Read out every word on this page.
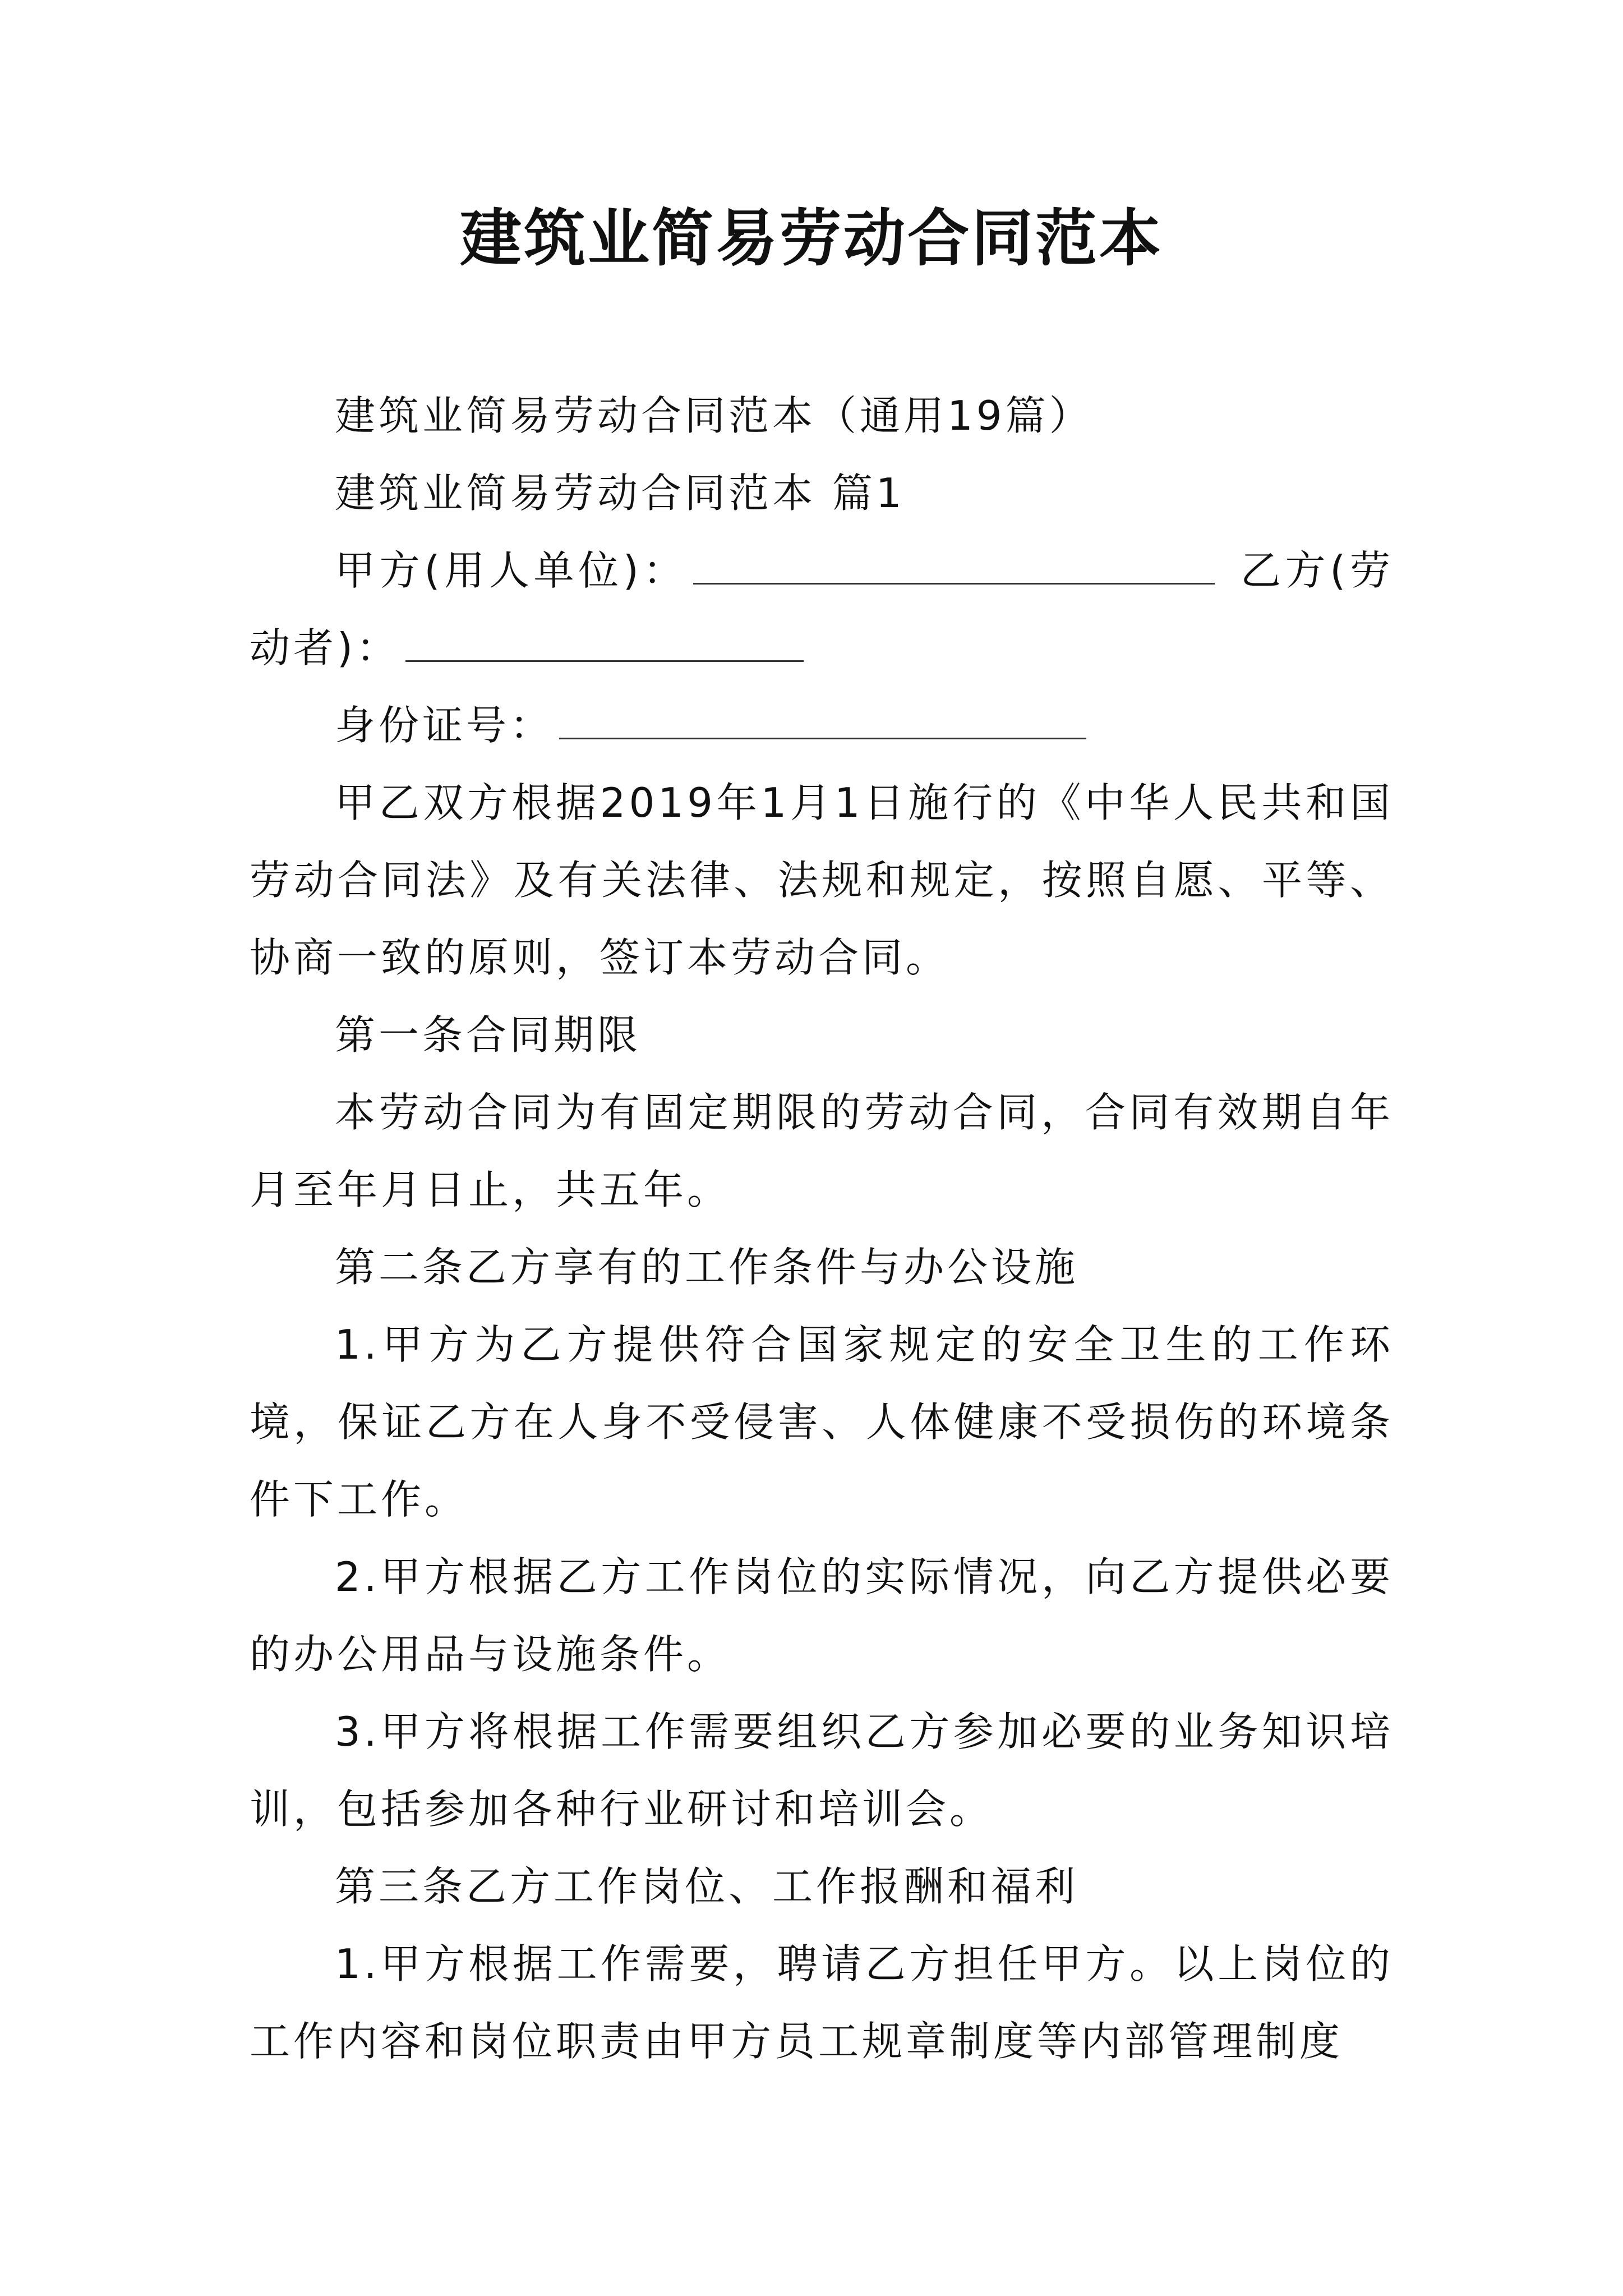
建筑业简易劳动合同范本

建筑业简易劳动合同范本（通用19篇）

建筑业简易劳动合同范本 篇1

甲方(用人单位)：	乙方(劳动者)：

身份证号：

甲乙双方根据2019年1月1日施行的《中华人民共和国劳动合同法》及有关法律、法规和规定，按照自愿、平等、协商一致的原则，签订本劳动合同。

第一条合同期限

本劳动合同为有固定期限的劳动合同，合同有效期自年月至年月日止，共五年。

第二条乙方享有的工作条件与办公设施

1.甲方为乙方提供符合国家规定的安全卫生的工作环境，保证乙方在人身不受侵害、人体健康不受损伤的环境条件下工作。

2.甲方根据乙方工作岗位的实际情况，向乙方提供必要的办公用品与设施条件。

3.甲方将根据工作需要组织乙方参加必要的业务知识培训，包括参加各种行业研讨和培训会。

第三条乙方工作岗位、工作报酬和福利

1.甲方根据工作需要，聘请乙方担任甲方。以上岗位的工作内容和岗位职责由甲方员工规章制度等内部管理制度
